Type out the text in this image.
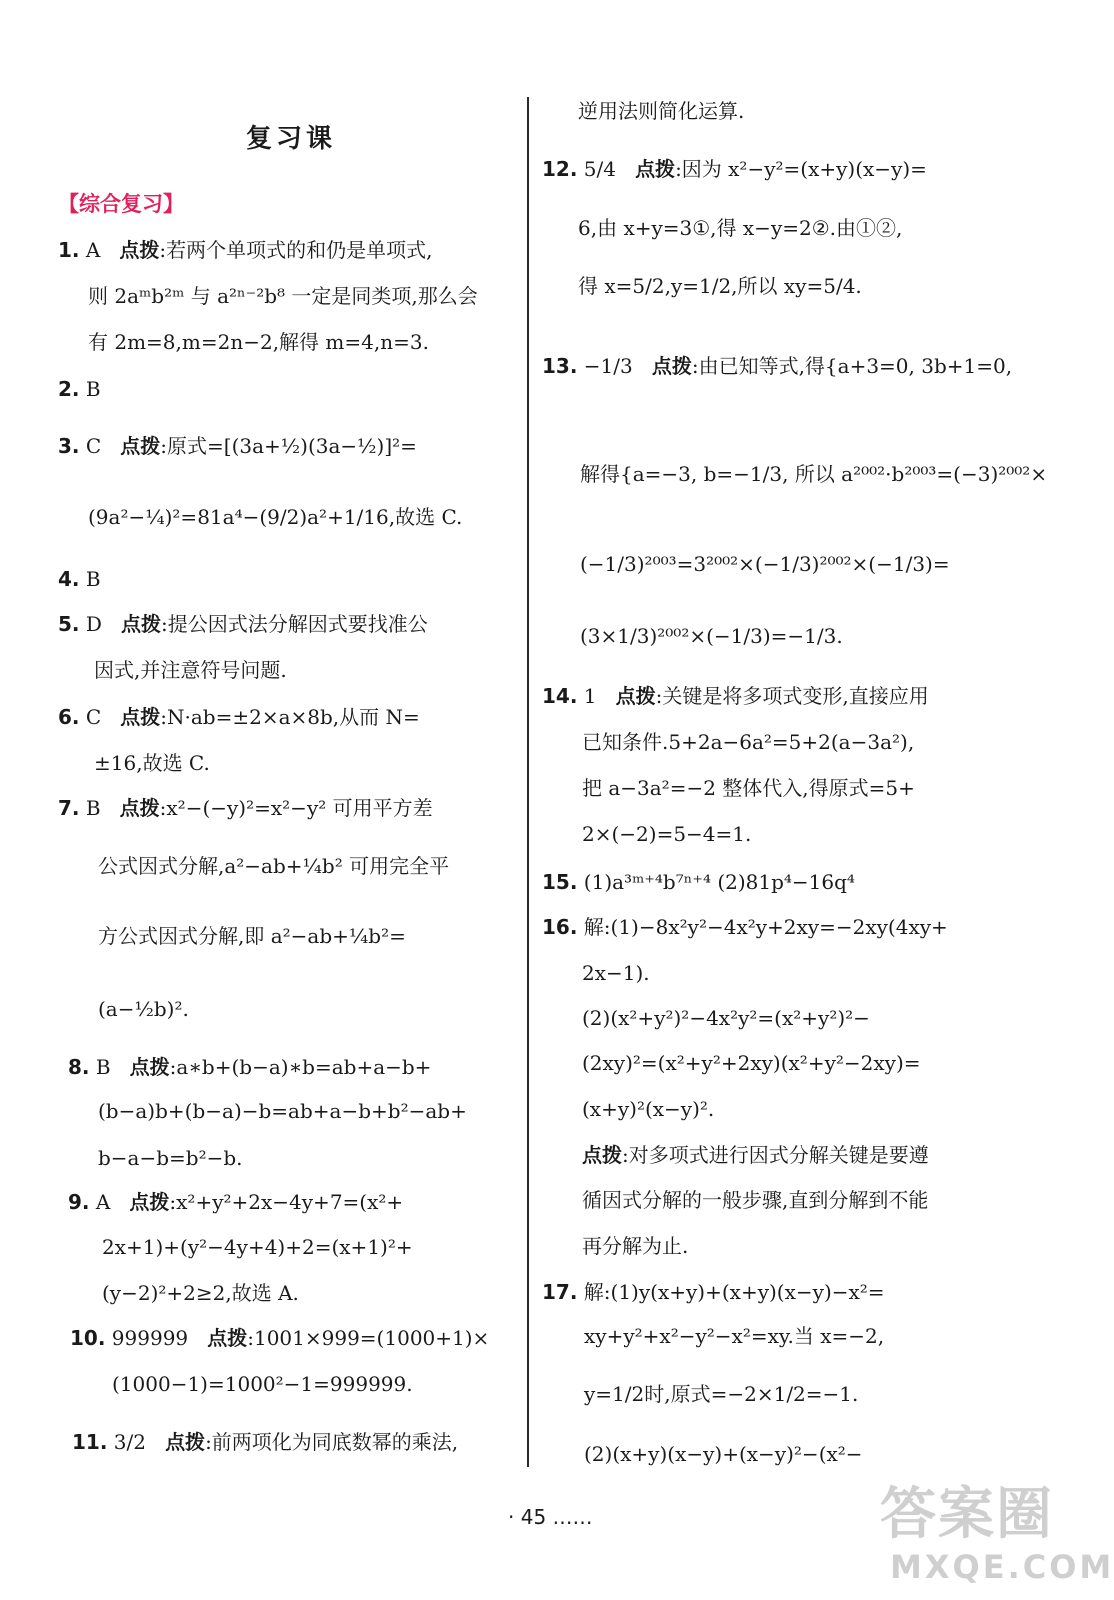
复习课
【综合复习】
1. A 点拨:若两个单项式的和仍是单项式,
则 2aᵐb²ᵐ 与 a²ⁿ⁻²b⁸ 一定是同类项,那么会
有 2m=8,m=2n−2,解得 m=4,n=3.
2. B
3. C 点拨:原式=[(3a+½)(3a−½)]²=
(9a²−¼)²=81a⁴−(9/2)a²+1/16,故选 C.
4. B
5. D 点拨:提公因式法分解因式要找准公
因式,并注意符号问题.
6. C 点拨:N·ab=±2×a×8b,从而 N=
±16,故选 C.
7. B 点拨:x²−(−y)²=x²−y² 可用平方差
公式因式分解,a²−ab+¼b² 可用完全平
方公式因式分解,即 a²−ab+¼b²=
(a−½b)².
8. B 点拨:a∗b+(b−a)∗b=ab+a−b+
(b−a)b+(b−a)−b=ab+a−b+b²−ab+
b−a−b=b²−b.
9. A 点拨:x²+y²+2x−4y+7=(x²+
2x+1)+(y²−4y+4)+2=(x+1)²+
(y−2)²+2≥2,故选 A.
10. 999999 点拨:1001×999=(1000+1)×
(1000−1)=1000²−1=999999.
11. 3/2 点拨:前两项化为同底数幂的乘法,
逆用法则简化运算.
12. 5/4 点拨:因为 x²−y²=(x+y)(x−y)=
6,由 x+y=3①,得 x−y=2②.由①②,
得 x=5/2,y=1/2,所以 xy=5/4.
13. −1/3 点拨:由已知等式,得{a+3=0, 3b+1=0,
解得{a=−3, b=−1/3, 所以 a²⁰⁰²·b²⁰⁰³=(−3)²⁰⁰²×
(−1/3)²⁰⁰³=3²⁰⁰²×(−1/3)²⁰⁰²×(−1/3)=
(3×1/3)²⁰⁰²×(−1/3)=−1/3.
14. 1 点拨:关键是将多项式变形,直接应用
已知条件.5+2a−6a²=5+2(a−3a²),
把 a−3a²=−2 整体代入,得原式=5+
2×(−2)=5−4=1.
15. (1)a³ᵐ⁺⁴b⁷ⁿ⁺⁴ (2)81p⁴−16q⁴
16. 解:(1)−8x²y²−4x²y+2xy=−2xy(4xy+
2x−1).
(2)(x²+y²)²−4x²y²=(x²+y²)²−
(2xy)²=(x²+y²+2xy)(x²+y²−2xy)=
(x+y)²(x−y)².
点拨:对多项式进行因式分解关键是要遵
循因式分解的一般步骤,直到分解到不能
再分解为止.
17. 解:(1)y(x+y)+(x+y)(x−y)−x²=
xy+y²+x²−y²−x²=xy.当 x=−2,
y=1/2时,原式=−2×1/2=−1.
(2)(x+y)(x−y)+(x−y)²−(x²−
· 45 ……	答案圈
MXQE.COM
